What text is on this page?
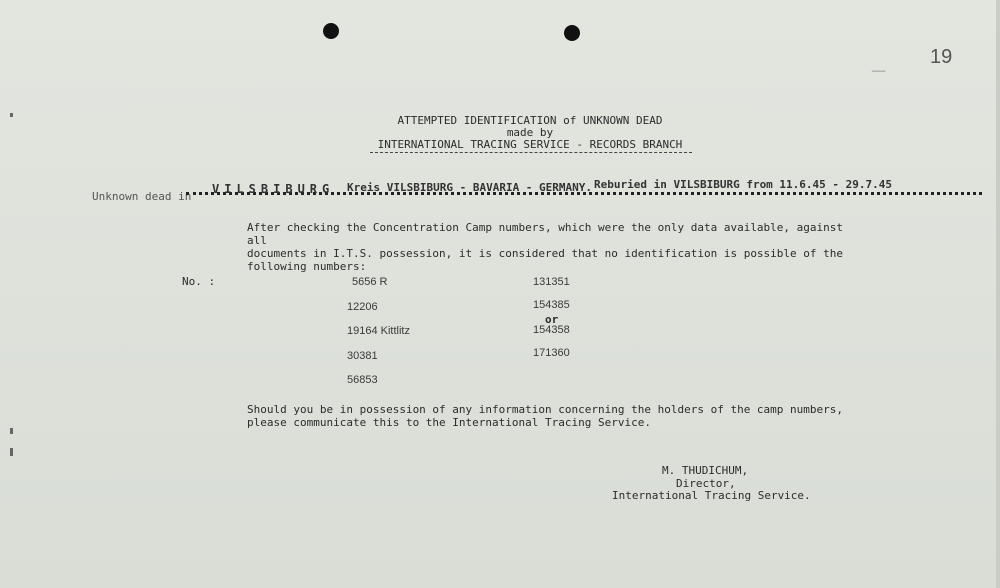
__ 19
ATTEMPTED IDENTIFICATION of UNKNOWN DEAD
made by
INTERNATIONAL TRACING SERVICE - RECORDS BRANCH
Unknown dead in
VILSBIBURG Kreis VILSBIBURG - BAVARIA - GERMANY. Reburied in VILSBIBURG from 11.6.45 - 29.7.45
After checking the Concentration Camp numbers, which were the only data available, against all
documents in I.T.S. possession, it is considered that no identification is possible of the
following numbers:
No. :	5656 R
12206
19164 Kittlitz
30381
56853
131351
154385
or
154358
171360
Should you be in possession of any information concerning the holders of the camp numbers,
please communicate this to the International Tracing Service.
M. THUDICHUM,
Director,
International Tracing Service.
